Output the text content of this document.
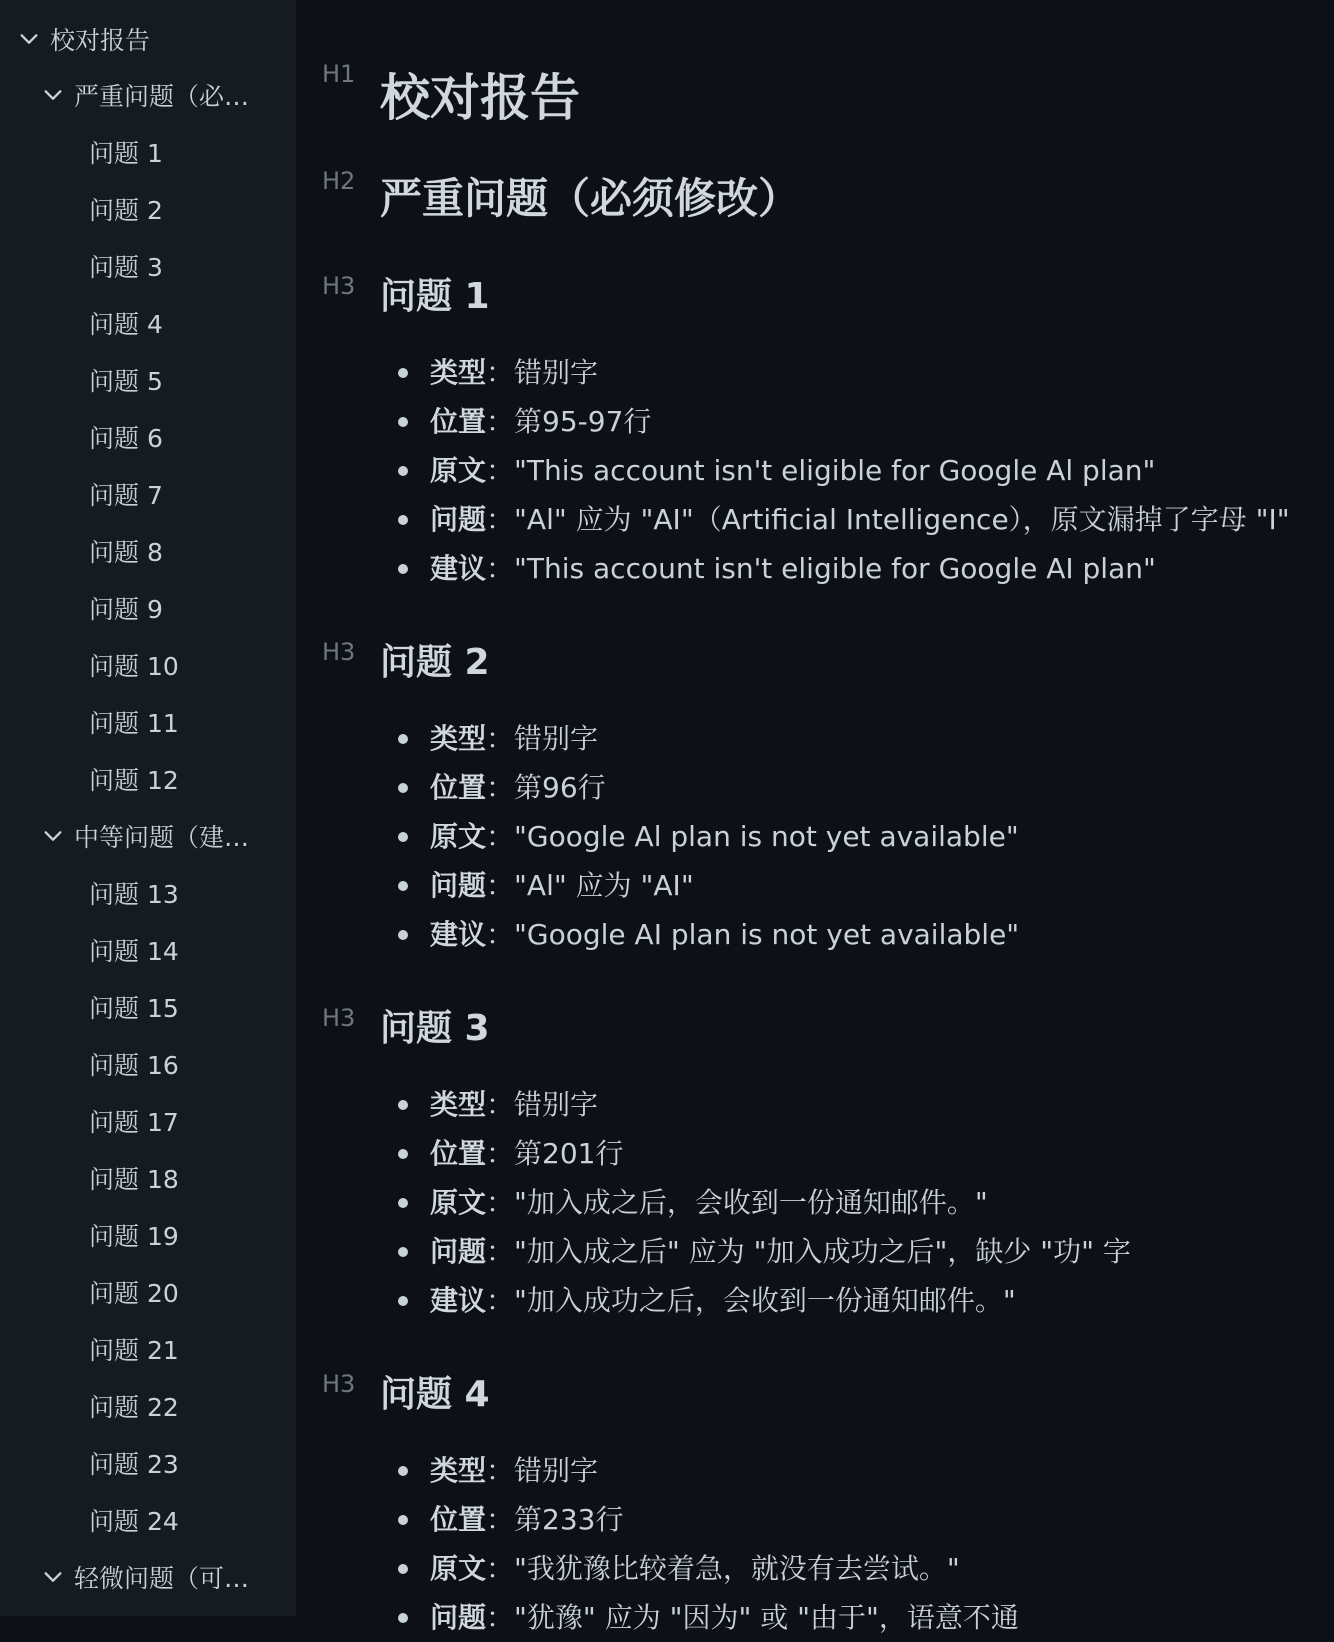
校对报告
严重问题（必…
问题 1
问题 2
问题 3
问题 4
问题 5
问题 6
问题 7
问题 8
问题 9
问题 10
问题 11
问题 12
中等问题（建…
问题 13
问题 14
问题 15
问题 16
问题 17
问题 18
问题 19
问题 20
问题 21
问题 22
问题 23
问题 24
轻微问题（可…
H1 校对报告
H2 严重问题（必须修改）
H3 问题 1
类型：错别字
位置：第95-97行
原文："This account isn't eligible for Google Al plan"
问题："Al" 应为 "AI"（Artificial Intelligence），原文漏掉了字母 "I"
建议："This account isn't eligible for Google AI plan"
H3 问题 2
类型：错别字
位置：第96行
原文："Google Al plan is not yet available"
问题："Al" 应为 "AI"
建议："Google AI plan is not yet available"
H3 问题 3
类型：错别字
位置：第201行
原文："加入成之后，会收到一份通知邮件。"
问题："加入成之后" 应为 "加入成功之后"，缺少 "功" 字
建议："加入成功之后，会收到一份通知邮件。"
H3 问题 4
类型：错别字
位置：第233行
原文："我犹豫比较着急，就没有去尝试。"
问题："犹豫" 应为 "因为" 或 "由于"，语意不通
